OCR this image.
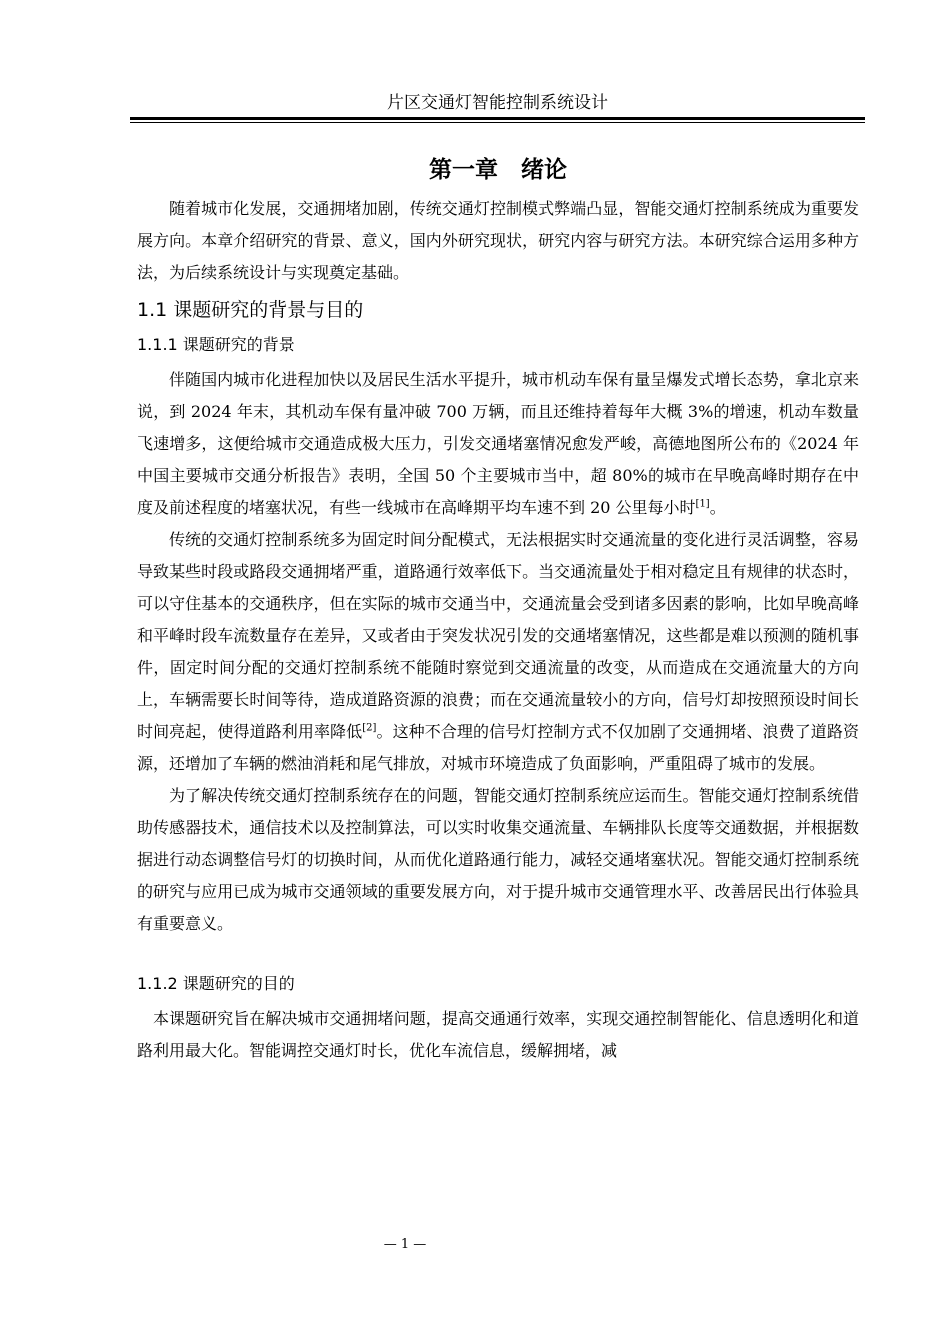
片区交通灯智能控制系统设计
第一章　绪论

随着城市化发展，交通拥堵加剧，传统交通灯控制模式弊端凸显，智能交通灯控制系统成为重要发展方向。本章介绍研究的背景、意义，国内外研究现状，研究内容与研究方法。本研究综合运用多种方法，为后续系统设计与实现奠定基础。

1.1 课题研究的背景与目的
1.1.1 课题研究的背景

伴随国内城市化进程加快以及居民生活水平提升，城市机动车保有量呈爆发式增长态势，拿北京来说，到 2024 年末，其机动车保有量冲破 700 万辆，而且还维持着每年大概 3%的增速，机动车数量飞速增多，这便给城市交通造成极大压力，引发交通堵塞情况愈发严峻，高德地图所公布的《2024 年中国主要城市交通分析报告》表明，全国 50 个主要城市当中，超 80%的城市在早晚高峰时期存在中度及前述程度的堵塞状况，有些一线城市在高峰期平均车速不到 20 公里每小时[1]。

传统的交通灯控制系统多为固定时间分配模式，无法根据实时交通流量的变化进行灵活调整，容易导致某些时段或路段交通拥堵严重，道路通行效率低下。当交通流量处于相对稳定且有规律的状态时，可以守住基本的交通秩序，但在实际的城市交通当中，交通流量会受到诸多因素的影响，比如早晚高峰和平峰时段车流数量存在差异，又或者由于突发状况引发的交通堵塞情况，这些都是难以预测的随机事件，固定时间分配的交通灯控制系统不能随时察觉到交通流量的改变，从而造成在交通流量大的方向上，车辆需要长时间等待，造成道路资源的浪费；而在交通流量较小的方向，信号灯却按照预设时间长时间亮起，使得道路利用率降低[2]。这种不合理的信号灯控制方式不仅加剧了交通拥堵、浪费了道路资源，还增加了车辆的燃油消耗和尾气排放，对城市环境造成了负面影响，严重阻碍了城市的发展。

为了解决传统交通灯控制系统存在的问题，智能交通灯控制系统应运而生。智能交通灯控制系统借助传感器技术，通信技术以及控制算法，可以实时收集交通流量、车辆排队长度等交通数据，并根据数据进行动态调整信号灯的切换时间，从而优化道路通行能力，减轻交通堵塞状况。智能交通灯控制系统的研究与应用已成为城市交通领域的重要发展方向，对于提升城市交通管理水平、改善居民出行体验具有重要意义。

1.1.2 课题研究的目的

本课题研究旨在解决城市交通拥堵问题，提高交通通行效率，实现交通控制智能化、信息透明化和道路利用最大化。智能调控交通灯时长，优化车流信息，缓解拥堵，减

— 1 —
